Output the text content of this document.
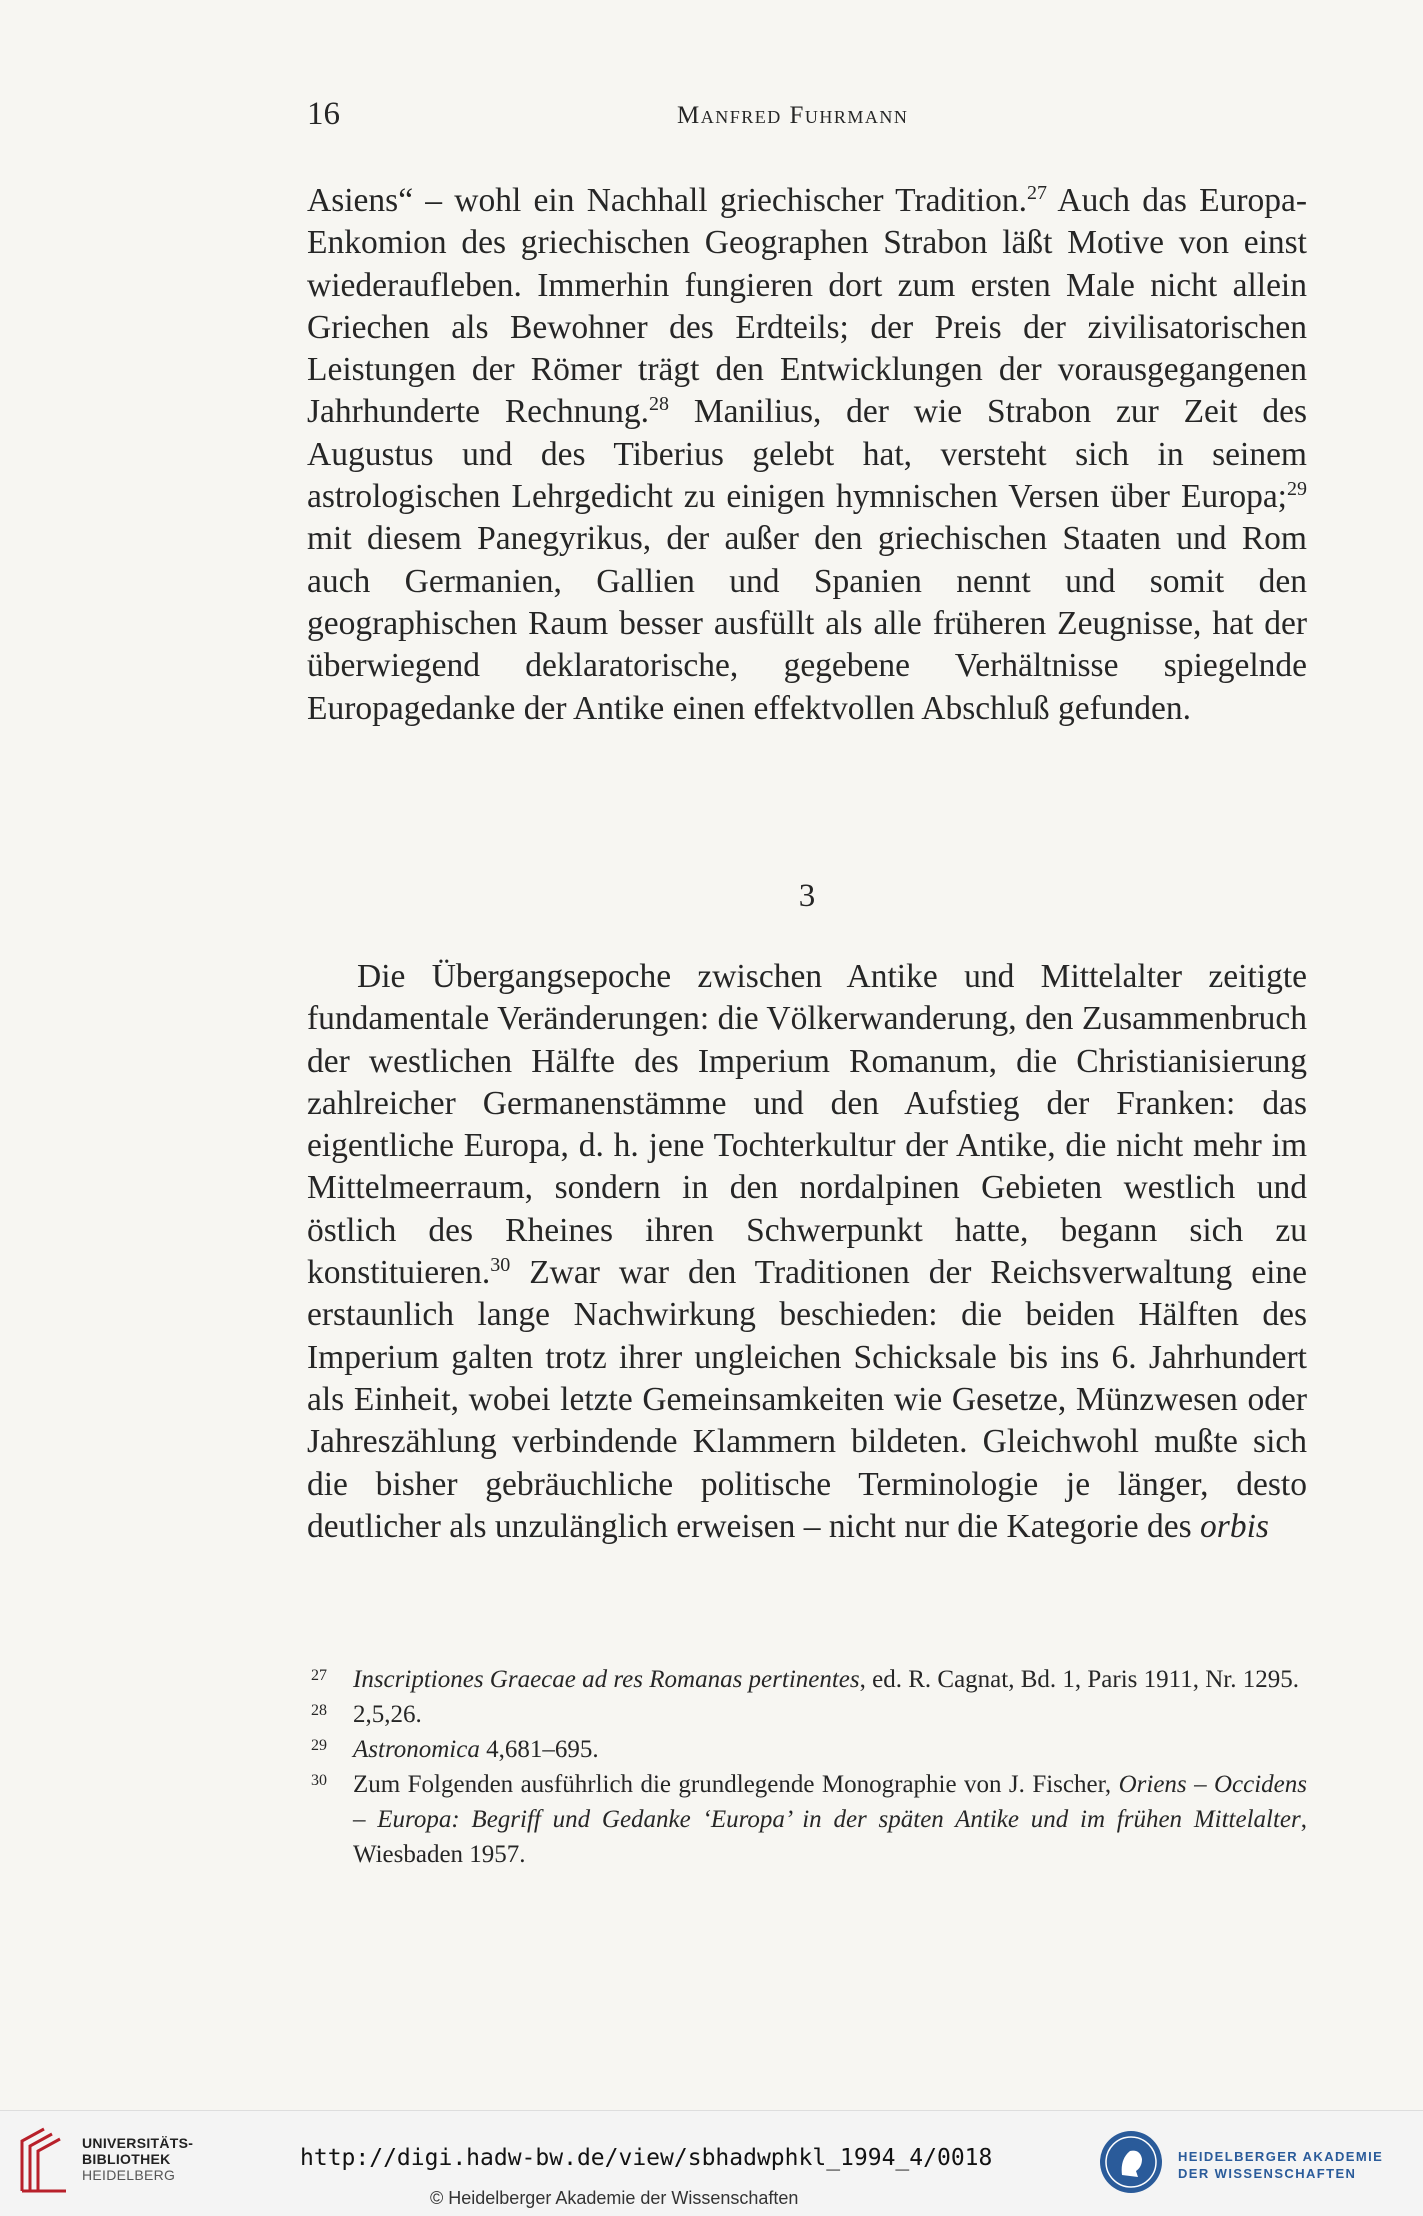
16	Manfred Fuhrmann

Asiens“ – wohl ein Nachhall griechischer Tradition.$^{27}$ Auch das Europa-Enkomion des griechischen Geographen Strabon läßt Motive von einst wiederaufleben. Immerhin fungieren dort zum ersten Male nicht allein Griechen als Bewohner des Erdteils; der Preis der zivilisatorischen Leistungen der Römer trägt den Entwicklungen der vorausgegangenen Jahrhunderte Rechnung.$^{28}$ Manilius, der wie Strabon zur Zeit des Augustus und des Tiberius gelebt hat, versteht sich in seinem astrologischen Lehrgedicht zu einigen hymnischen Versen über Europa;$^{29}$ mit diesem Panegyrikus, der außer den griechischen Staaten und Rom auch Germanien, Gallien und Spanien nennt und somit den geographischen Raum besser ausfüllt als alle früheren Zeugnisse, hat der überwiegend deklaratorische, gegebene Verhältnisse spiegelnde Europagedanke der Antike einen effektvollen Abschluß gefunden.

3

Die Übergangsepoche zwischen Antike und Mittelalter zeitigte fundamentale Veränderungen: die Völkerwanderung, den Zusammenbruch der westlichen Hälfte des Imperium Romanum, die Christianisierung zahlreicher Germanenstämme und den Aufstieg der Franken: das eigentliche Europa, d. h. jene Tochterkultur der Antike, die nicht mehr im Mittelmeerraum, sondern in den nordalpinen Gebieten westlich und östlich des Rheines ihren Schwerpunkt hatte, begann sich zu konstituieren.$^{30}$ Zwar war den Traditionen der Reichsverwaltung eine erstaunlich lange Nachwirkung beschieden: die beiden Hälften des Imperium galten trotz ihrer ungleichen Schicksale bis ins 6. Jahrhundert als Einheit, wobei letzte Gemeinsamkeiten wie Gesetze, Münzwesen oder Jahreszählung verbindende Klammern bildeten. Gleichwohl mußte sich die bisher gebräuchliche politische Terminologie je länger, desto deutlicher als unzulänglich erweisen – nicht nur die Kategorie des orbis

27 Inscriptiones Graecae ad res Romanas pertinentes, ed. R. Cagnat, Bd. 1, Paris 1911, Nr. 1295.

28 2,5,26.

29 Astronomica 4,681–695.

30 Zum Folgenden ausführlich die grundlegende Monographie von J. Fischer, Oriens – Occidens – Europa: Begriff und Gedanke ‘Europa’ in der späten Antike und im frühen Mittelalter, Wiesbaden 1957.

UNIVERSITÄTS-
BIBLIOTHEK
HEIDELBERG
http://digi.hadw-bw.de/view/sbhadwphkl_1994_4/0018
© Heidelberger Akademie der Wissenschaften
HEIDELBERGER AKADEMIE
DER WISSENSCHAFTEN
